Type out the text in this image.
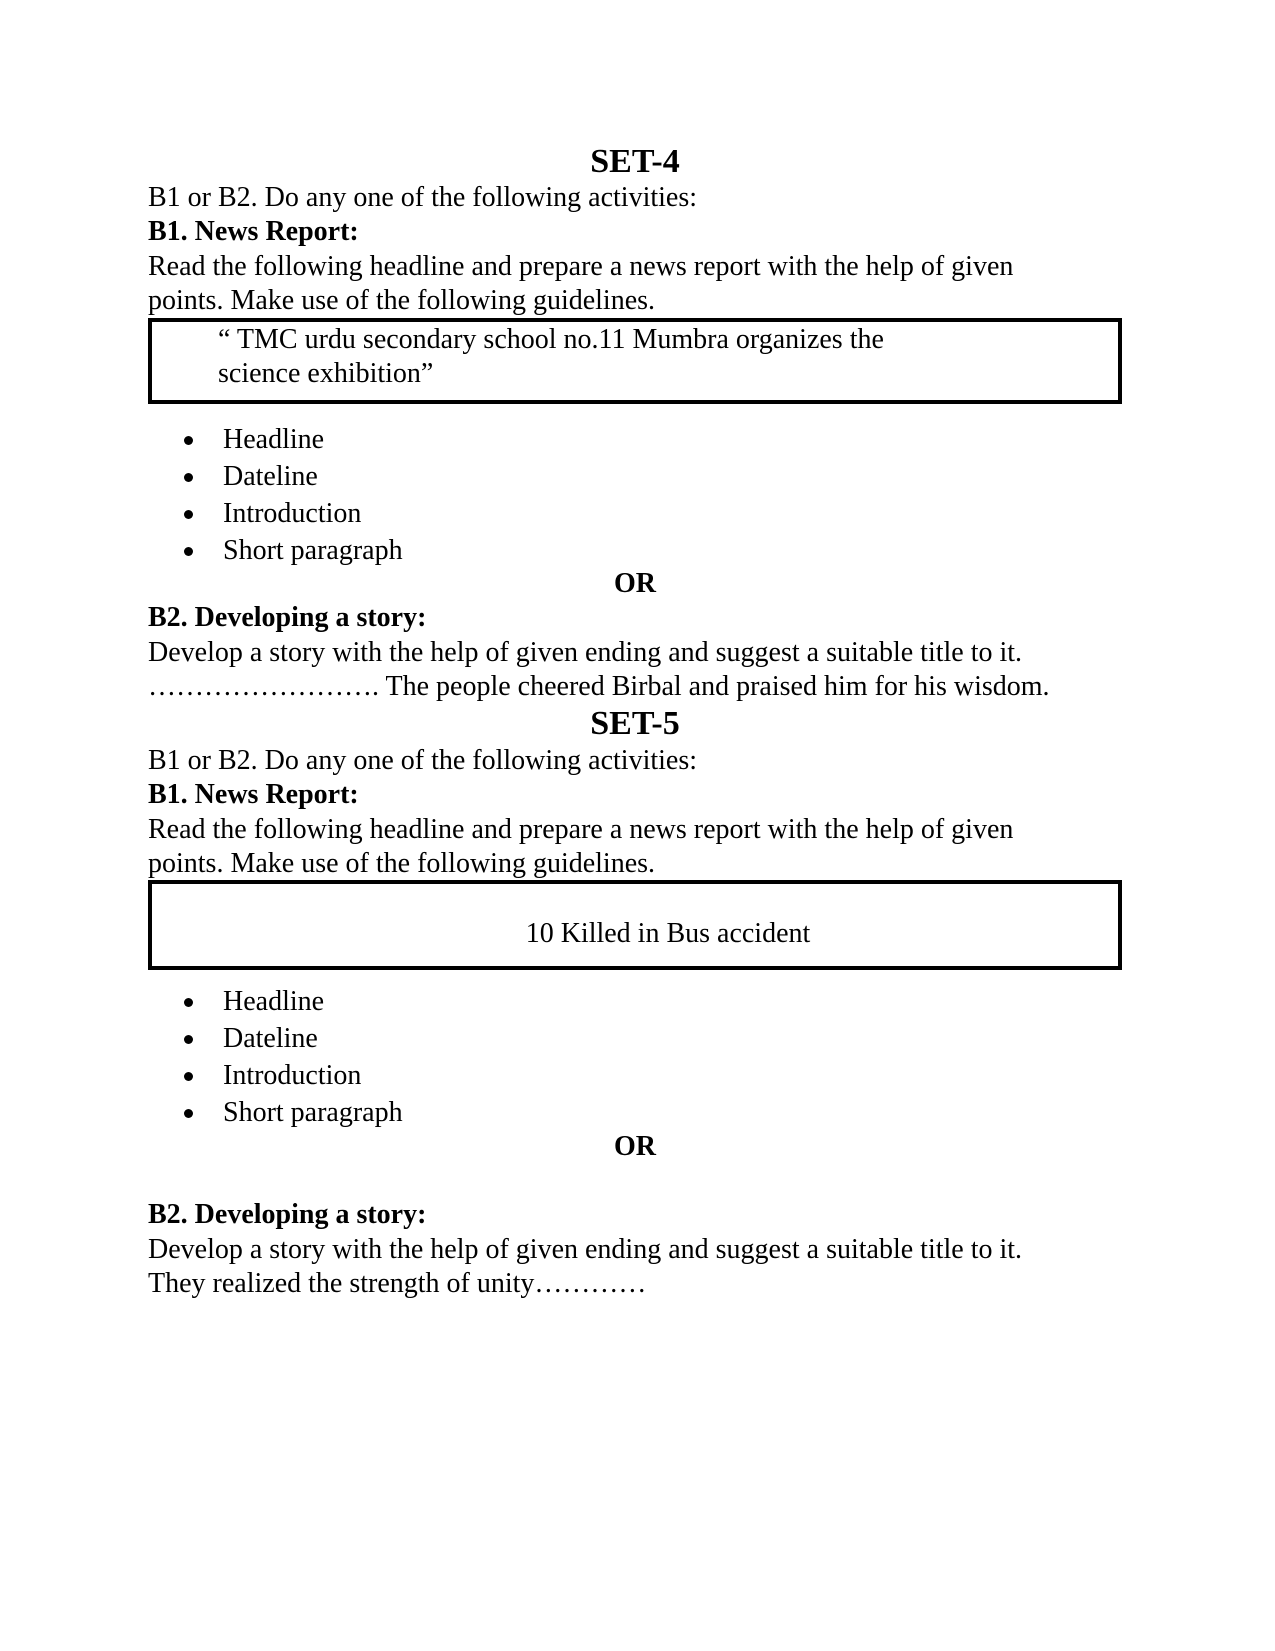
SET-4
B1 or B2. Do any one of the following activities:
B1. News Report:
Read the following headline and prepare a news report with the help of given
points. Make use of the following guidelines.
“ TMC urdu secondary school no.11 Mumbra organizes the
science exhibition”
Headline
Dateline
Introduction
Short paragraph
OR
B2. Developing a story:
Develop a story with the help of given ending and suggest a suitable title to it.
……………………. The people cheered Birbal and praised him for his wisdom.
SET-5
B1 or B2. Do any one of the following activities:
B1. News Report:
Read the following headline and prepare a news report with the help of given
points. Make use of the following guidelines.
10 Killed in Bus accident
Headline
Dateline
Introduction
Short paragraph
OR
B2. Developing a story:
Develop a story with the help of given ending and suggest a suitable title to it.
They realized the strength of unity…………
